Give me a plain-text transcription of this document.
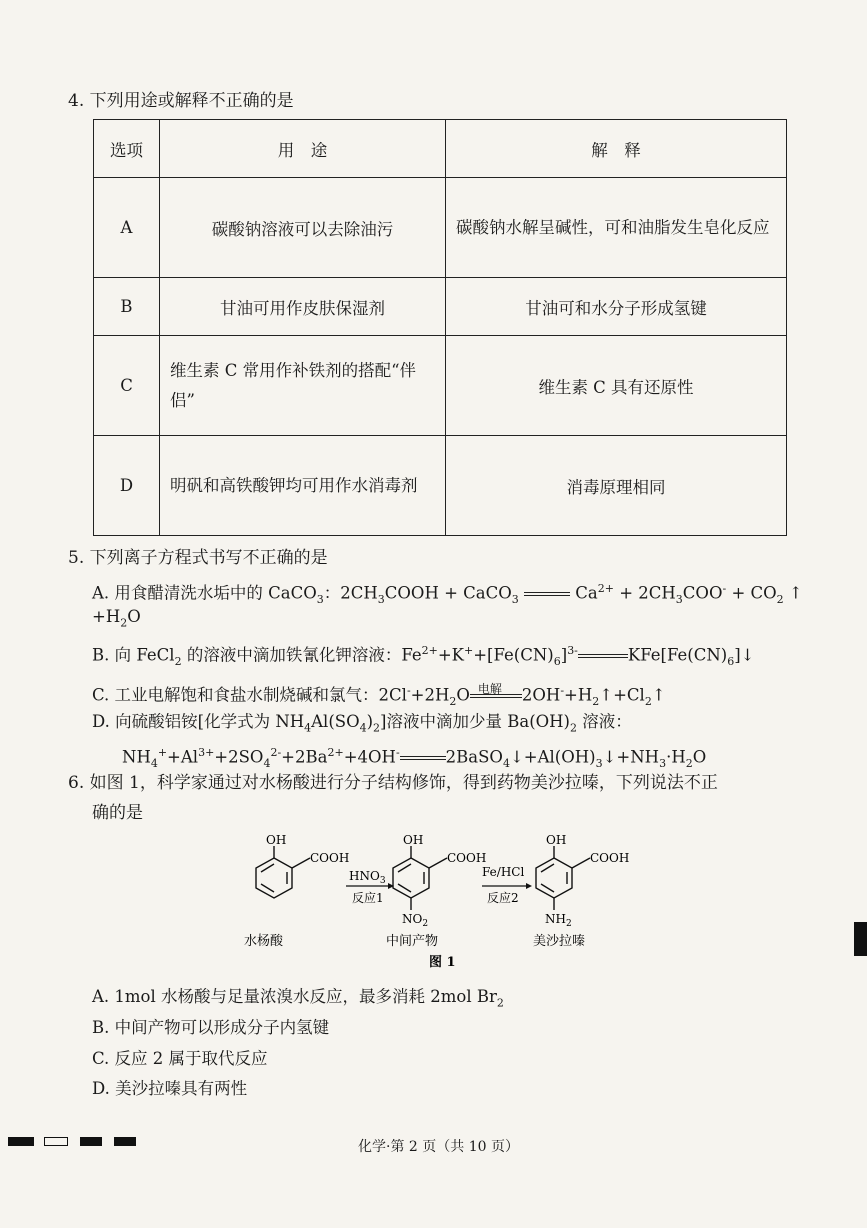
4. 下列用途或解释不正确的是
选项	用　途	解　释
A	碳酸钠溶液可以去除油污	碳酸钠水解呈碱性，可和油脂发生皂化反应
B	甘油可用作皮肤保湿剂	甘油可和水分子形成氢键
C	维生素 C 常用作补铁剂的搭配“伴侣”	维生素 C 具有还原性
D	明矾和高铁酸钾均可用作水消毒剂	消毒原理相同
5. 下列离子方程式书写不正确的是
A. 用食醋清洗水垢中的 CaCO$_3$：$2CH_3COOH$ + CaCO$_3$	$Ca^{2+} + 2CH_3COO^- + CO_2$ ↑
$+H_2O$
B. 向 FeCl$_2$ 的溶液中滴加铁氰化钾溶液：$Fe^{2+}+K^++[Fe(CN)_6]^{3-}$	$KFe[Fe(CN)_6]↓$
C. 工业电解饱和食盐水制烧碱和氯气：$2Cl^-+2H_2O$ 电解 $2OH^-+H_2↑+Cl_2↑$
D. 向硫酸铝铵[化学式为 $NH_4Al(SO_4)_2$]溶液中滴加少量 $Ba(OH)_2$ 溶液：
$NH_4^++Al^{3+}+2SO_4^{2-}+2Ba^{2+}+4OH^-$	$2BaSO_4↓+Al(OH)_3↓+NH_3\cdot H_2O$
6. 如图 1，科学家通过对水杨酸进行分子结构修饰，得到药物美沙拉嗪，下列说法不正
确的是
OH
COOH
水杨酸
$HNO_3$
反应1
OH
COOH
$NO_2$
中间产物
Fe/HCl
反应2
OH
COOH
$NH_2$
美沙拉嗪
图 1
A. 1mol 水杨酸与足量浓溴水反应，最多消耗 2mol $Br_2$
B. 中间产物可以形成分子内氢键
C. 反应 2 属于取代反应
D. 美沙拉嗪具有两性
化学·第 2 页（共 10 页）
